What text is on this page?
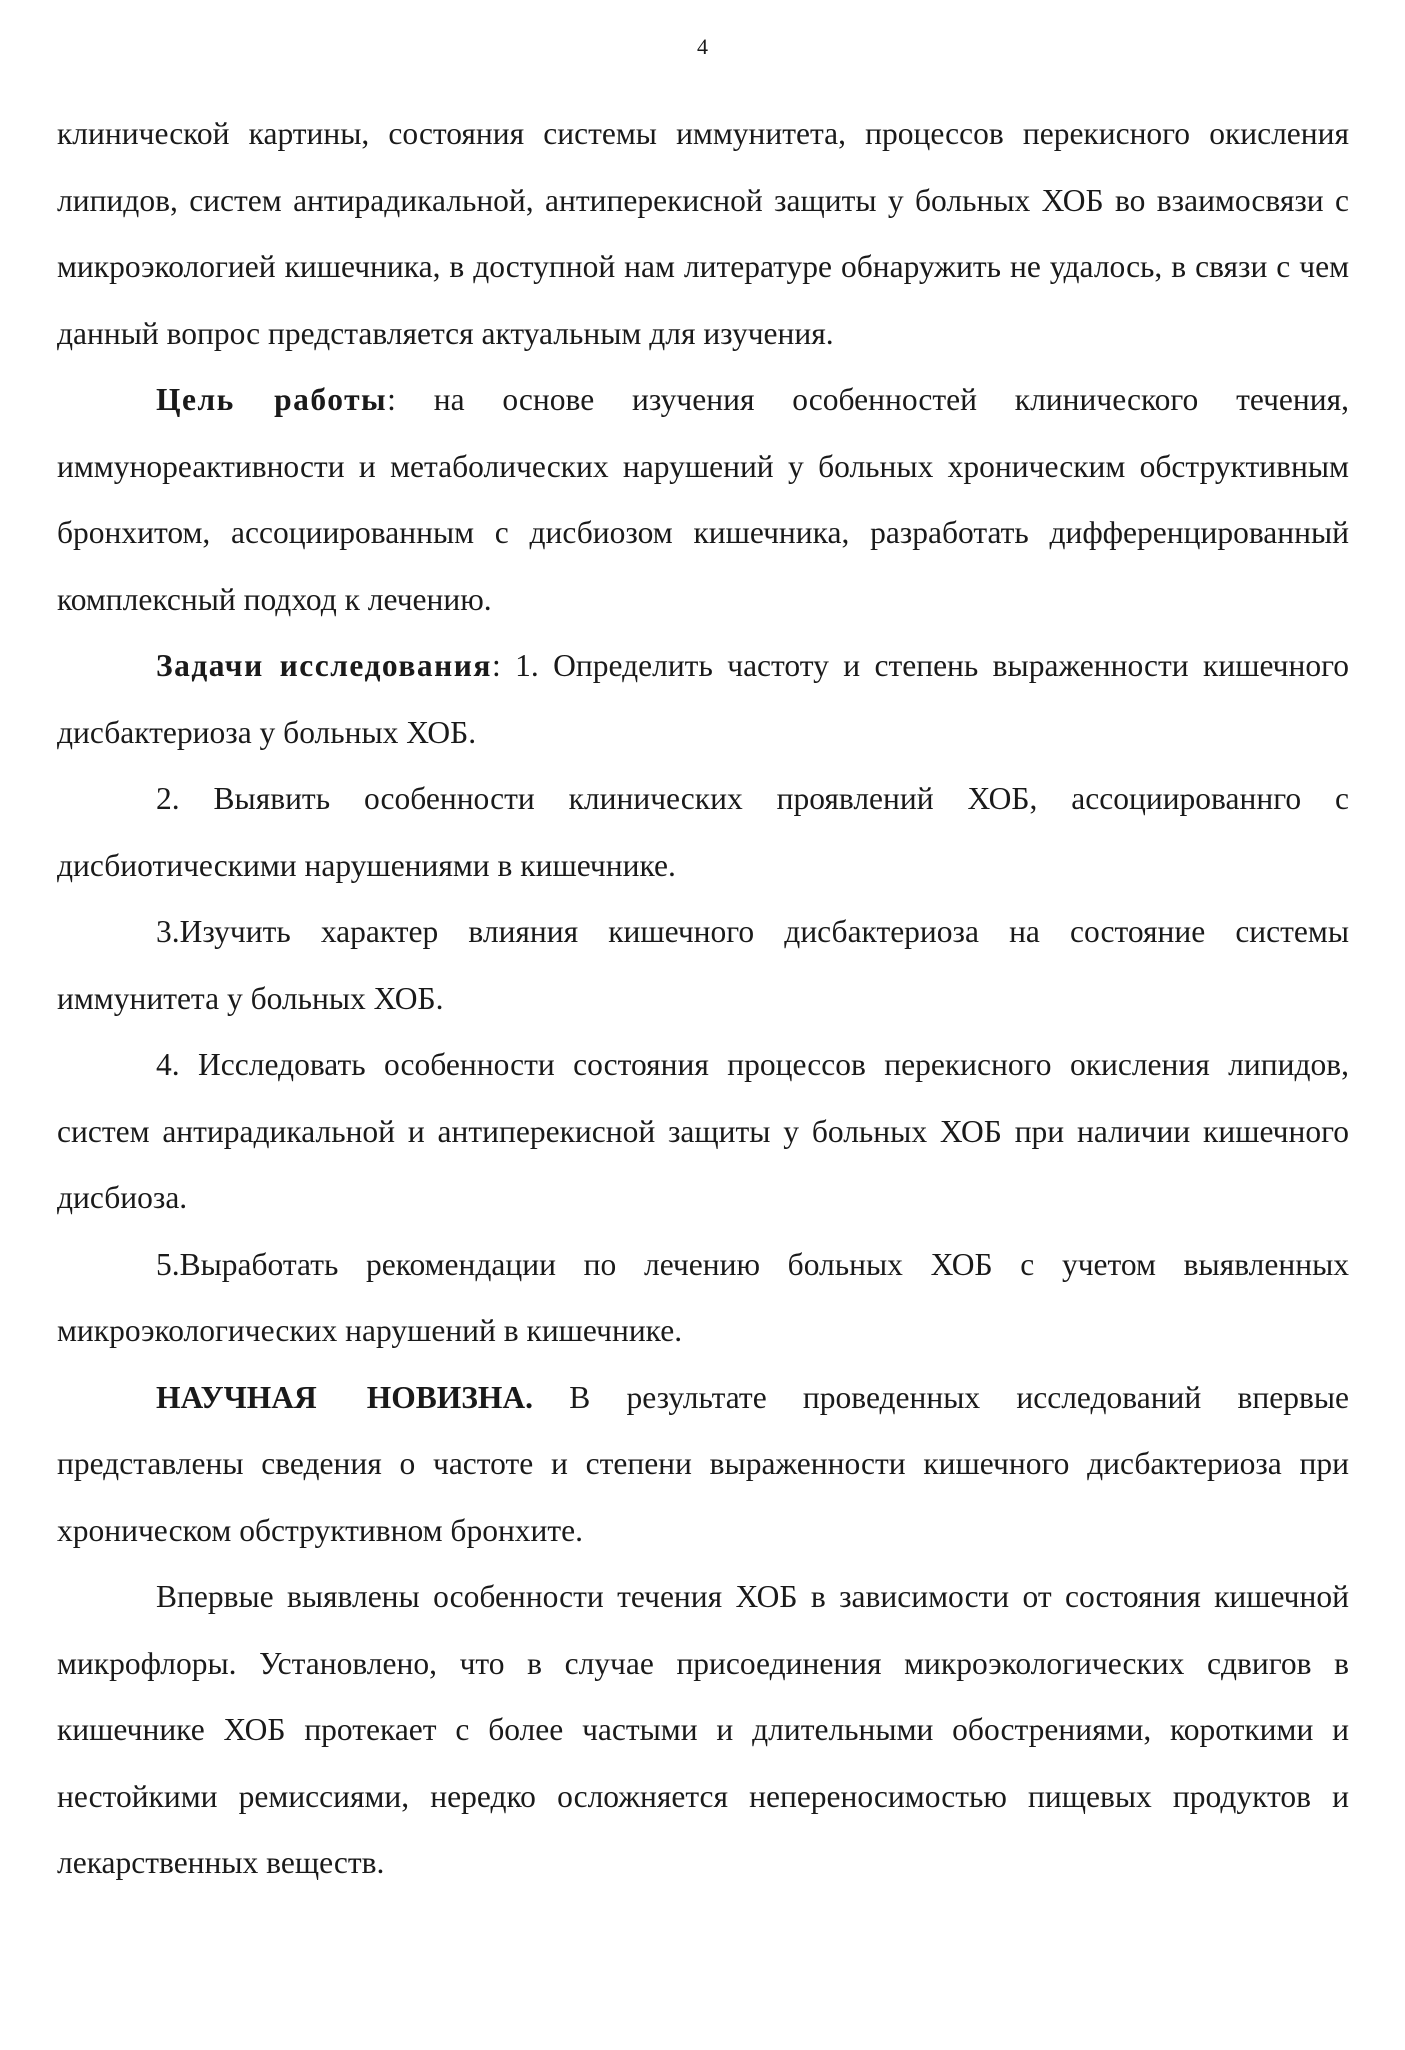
4

клинической картины, состояния системы иммунитета, процессов перекисного окисления липидов, систем антирадикальной, антиперекисной защиты у больных ХОБ во взаимосвязи с микроэкологией кишечника, в доступной нам литературе обнаружить не удалось, в связи с чем данный вопрос представляется актуальным для изучения.

Цель работы: на основе изучения особенностей клинического течения, иммунореактивности и метаболических нарушений у больных хроническим обструктивным бронхитом, ассоциированным с дисбиозом кишечника, разработать дифференцированный комплексный подход к лечению.

Задачи исследования: 1. Определить частоту и степень выраженности кишечного дисбактериоза у больных ХОБ.

2. Выявить особенности клинических проявлений ХОБ, ассоциированнго с дисбиотическими нарушениями в кишечнике.

3.Изучить характер влияния кишечного дисбактериоза на состояние системы иммунитета у больных ХОБ.

4. Исследовать особенности состояния процессов перекисного окисления липидов, систем антирадикальной и антиперекисной защиты у больных ХОБ при наличии кишечного дисбиоза.

5.Выработать рекомендации по лечению больных ХОБ с учетом выявленных микроэкологических нарушений в кишечнике.

НАУЧНАЯ НОВИЗНА. В результате проведенных исследований впервые представлены сведения о частоте и степени выраженности кишечного дисбактериоза при хроническом обструктивном бронхите.

Впервые выявлены особенности течения ХОБ в зависимости от состояния кишечной микрофлоры. Установлено, что в случае присоединения микроэкологических сдвигов в кишечнике ХОБ протекает с более частыми и длительными обострениями, короткими и нестойкими ремиссиями, нередко осложняется непереносимостью пищевых продуктов и лекарственных веществ.
